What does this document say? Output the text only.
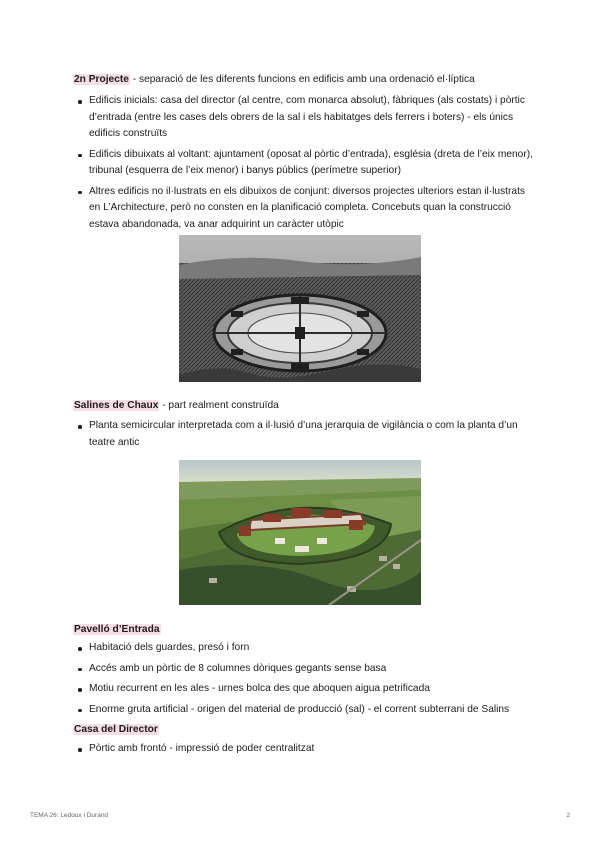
2n Projecte - separació de les diferents funcions en edificis amb una ordenació el·líptica

Edificis inicials: casa del director (al centre, com monarca absolut), fàbriques (als costats) i pòrtic d’entrada (entre les cases dels obrers de la sal i els habitatges dels ferrers i boters) - els únics edificis construïts
Edificis dibuixats al voltant: ajuntament (oposat al pòrtic d’entrada), església (dreta de l’eix menor), tribunal (esquerra de l’eix menor) i banys públics (perímetre superior)
Altres edificis no il·lustrats en els dibuixos de conjunt: diversos projectes ulteriors estan il·lustrats en L’Architecture, però no consten en la planificació completa. Concebuts quan la construcció estava abandonada, va anar adquirint un caràcter utòpic

Salines de Chaux - part realment construïda

Planta semicircular interpretada com a il·lusió d’una jerarquia de vigilància o com la planta d’un teatre antic

Pavelló d’Entrada

Habitació dels guardes, presó i forn
Accés amb un pòrtic de 8 columnes dòriques gegants sense basa
Motiu recurrent en les ales - urnes bolca des que aboquen aigua petrificada
Enorme gruta artificial - origen del material de producció (sal) - el corrent subterrani de Salins

Casa del Director

Pòrtic amb frontó - impressió de poder centralitzat
TEMA 26: Ledoux i Durand	2
